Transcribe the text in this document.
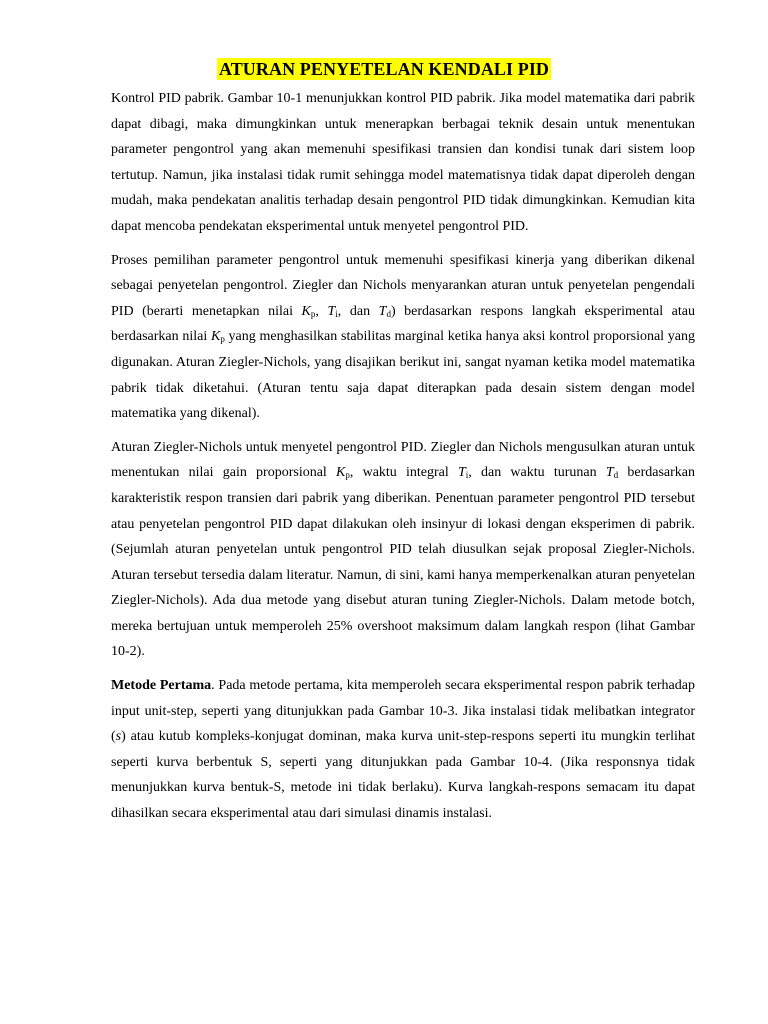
ATURAN PENYETELAN KENDALI PID

Kontrol PID pabrik. Gambar 10-1 menunjukkan kontrol PID pabrik. Jika model matematika dari pabrik dapat dibagi, maka dimungkinkan untuk menerapkan berbagai teknik desain untuk menentukan parameter pengontrol yang akan memenuhi spesifikasi transien dan kondisi tunak dari sistem loop tertutup. Namun, jika instalasi tidak rumit sehingga model matematisnya tidak dapat diperoleh dengan mudah, maka pendekatan analitis terhadap desain pengontrol PID tidak dimungkinkan. Kemudian kita dapat mencoba pendekatan eksperimental untuk menyetel pengontrol PID.

Proses pemilihan parameter pengontrol untuk memenuhi spesifikasi kinerja yang diberikan dikenal sebagai penyetelan pengontrol. Ziegler dan Nichols menyarankan aturan untuk penyetelan pengendali PID (berarti menetapkan nilai $K_p$, $T_i$, dan $T_d$) berdasarkan respons langkah eksperimental atau berdasarkan nilai $K_p$ yang menghasilkan stabilitas marginal ketika hanya aksi kontrol proporsional yang digunakan. Aturan Ziegler-Nichols, yang disajikan berikut ini, sangat nyaman ketika model matematika pabrik tidak diketahui. (Aturan tentu saja dapat diterapkan pada desain sistem dengan model matematika yang dikenal).

Aturan Ziegler-Nichols untuk menyetel pengontrol PID. Ziegler dan Nichols mengusulkan aturan untuk menentukan nilai gain proporsional $K_p$, waktu integral $T_i$, dan waktu turunan $T_d$ berdasarkan karakteristik respon transien dari pabrik yang diberikan. Penentuan parameter pengontrol PID tersebut atau penyetelan pengontrol PID dapat dilakukan oleh insinyur di lokasi dengan eksperimen di pabrik. (Sejumlah aturan penyetelan untuk pengontrol PID telah diusulkan sejak proposal Ziegler-Nichols. Aturan tersebut tersedia dalam literatur. Namun, di sini, kami hanya memperkenalkan aturan penyetelan Ziegler-Nichols). Ada dua metode yang disebut aturan tuning Ziegler-Nichols. Dalam metode botch, mereka bertujuan untuk memperoleh 25% overshoot maksimum dalam langkah respon (lihat Gambar 10-2).

Metode Pertama. Pada metode pertama, kita memperoleh secara eksperimental respon pabrik terhadap input unit-step, seperti yang ditunjukkan pada Gambar 10-3. Jika instalasi tidak melibatkan integrator (s) atau kutub kompleks-konjugat dominan, maka kurva unit-step-respons seperti itu mungkin terlihat seperti kurva berbentuk S, seperti yang ditunjukkan pada Gambar 10-4. (Jika responsnya tidak menunjukkan kurva bentuk-S, metode ini tidak berlaku). Kurva langkah-respons semacam itu dapat dihasilkan secara eksperimental atau dari simulasi dinamis instalasi.
